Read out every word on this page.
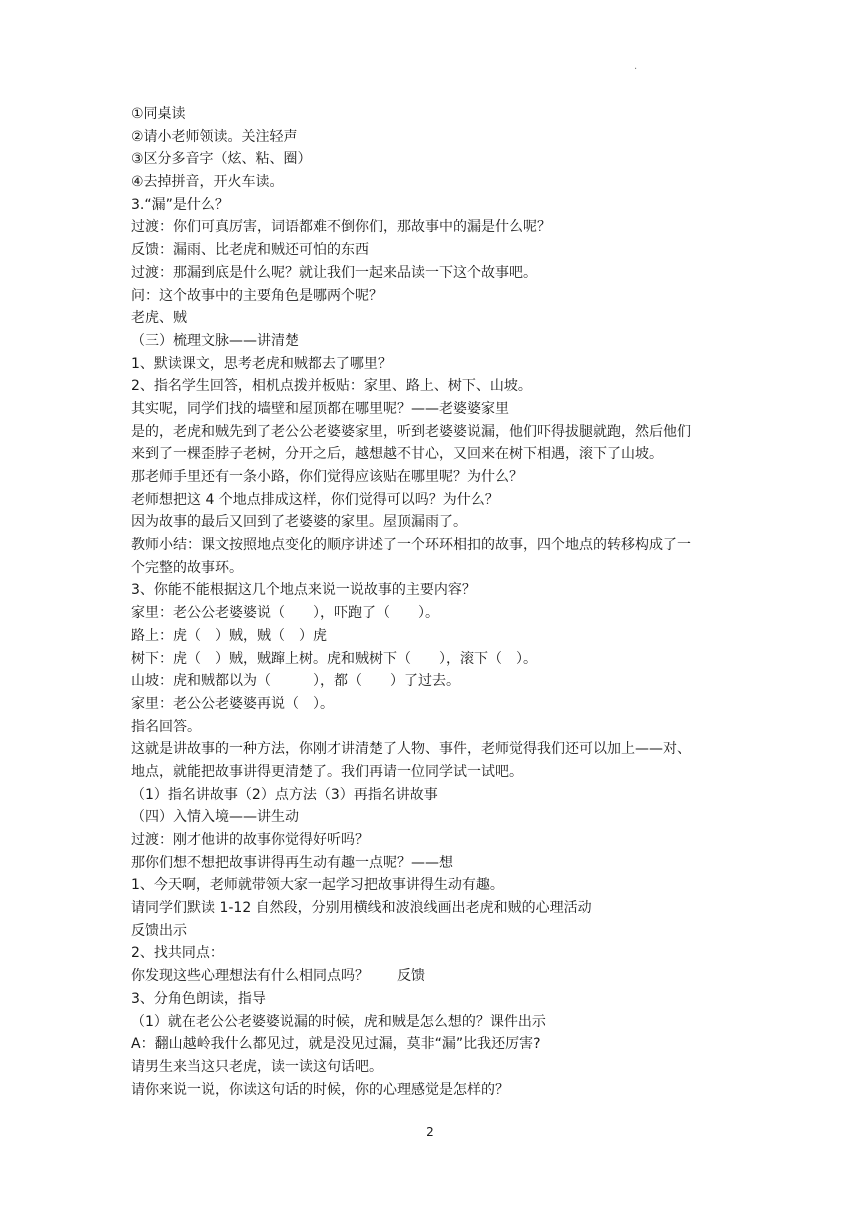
.
①同桌读
②请小老师领读。关注轻声
③区分多音字（炫、粘、圈）
④去掉拼音，开火车读。
3.“漏”是什么？
过渡：你们可真厉害，词语都难不倒你们，那故事中的漏是什么呢？
反馈：漏雨、比老虎和贼还可怕的东西
过渡：那漏到底是什么呢？就让我们一起来品读一下这个故事吧。
问：这个故事中的主要角色是哪两个呢？
老虎、贼
（三）梳理文脉——讲清楚
1、默读课文，思考老虎和贼都去了哪里？
2、指名学生回答，相机点拨并板贴：家里、路上、树下、山坡。
其实呢，同学们找的墙壁和屋顶都在哪里呢？——老婆婆家里
是的，老虎和贼先到了老公公老婆婆家里，听到老婆婆说漏，他们吓得拔腿就跑，然后他们
来到了一棵歪脖子老树，分开之后，越想越不甘心，又回来在树下相遇，滚下了山坡。
那老师手里还有一条小路，你们觉得应该贴在哪里呢？为什么？
老师想把这 4 个地点排成这样，你们觉得可以吗？为什么？
因为故事的最后又回到了老婆婆的家里。屋顶漏雨了。
教师小结：课文按照地点变化的顺序讲述了一个环环相扣的故事，四个地点的转移构成了一
个完整的故事环。
3、你能不能根据这几个地点来说一说故事的主要内容？
家里：老公公老婆婆说（　　），吓跑了（　　）。
路上：虎（　）贼，贼（　）虎
树下：虎（　）贼，贼蹿上树。虎和贼树下（　　），滚下（　）。
山坡：虎和贼都以为（　　　），都（　　）了过去。
家里：老公公老婆婆再说（　）。
指名回答。
这就是讲故事的一种方法，你刚才讲清楚了人物、事件，老师觉得我们还可以加上——对、
地点，就能把故事讲得更清楚了。我们再请一位同学试一试吧。
（1）指名讲故事（2）点方法（3）再指名讲故事
（四）入情入境——讲生动
过渡：刚才他讲的故事你觉得好听吗？
那你们想不想把故事讲得再生动有趣一点呢？——想
1、今天啊，老师就带领大家一起学习把故事讲得生动有趣。
请同学们默读 1-12 自然段，分别用横线和波浪线画出老虎和贼的心理活动
反馈出示
2、找共同点：
你发现这些心理想法有什么相同点吗？　　反馈
3、分角色朗读，指导
（1）就在老公公老婆婆说漏的时候，虎和贼是怎么想的？课件出示
A：翻山越岭我什么都见过，就是没见过漏，莫非“漏”比我还厉害?
请男生来当这只老虎，读一读这句话吧。
请你来说一说，你读这句话的时候，你的心理感觉是怎样的？
2
